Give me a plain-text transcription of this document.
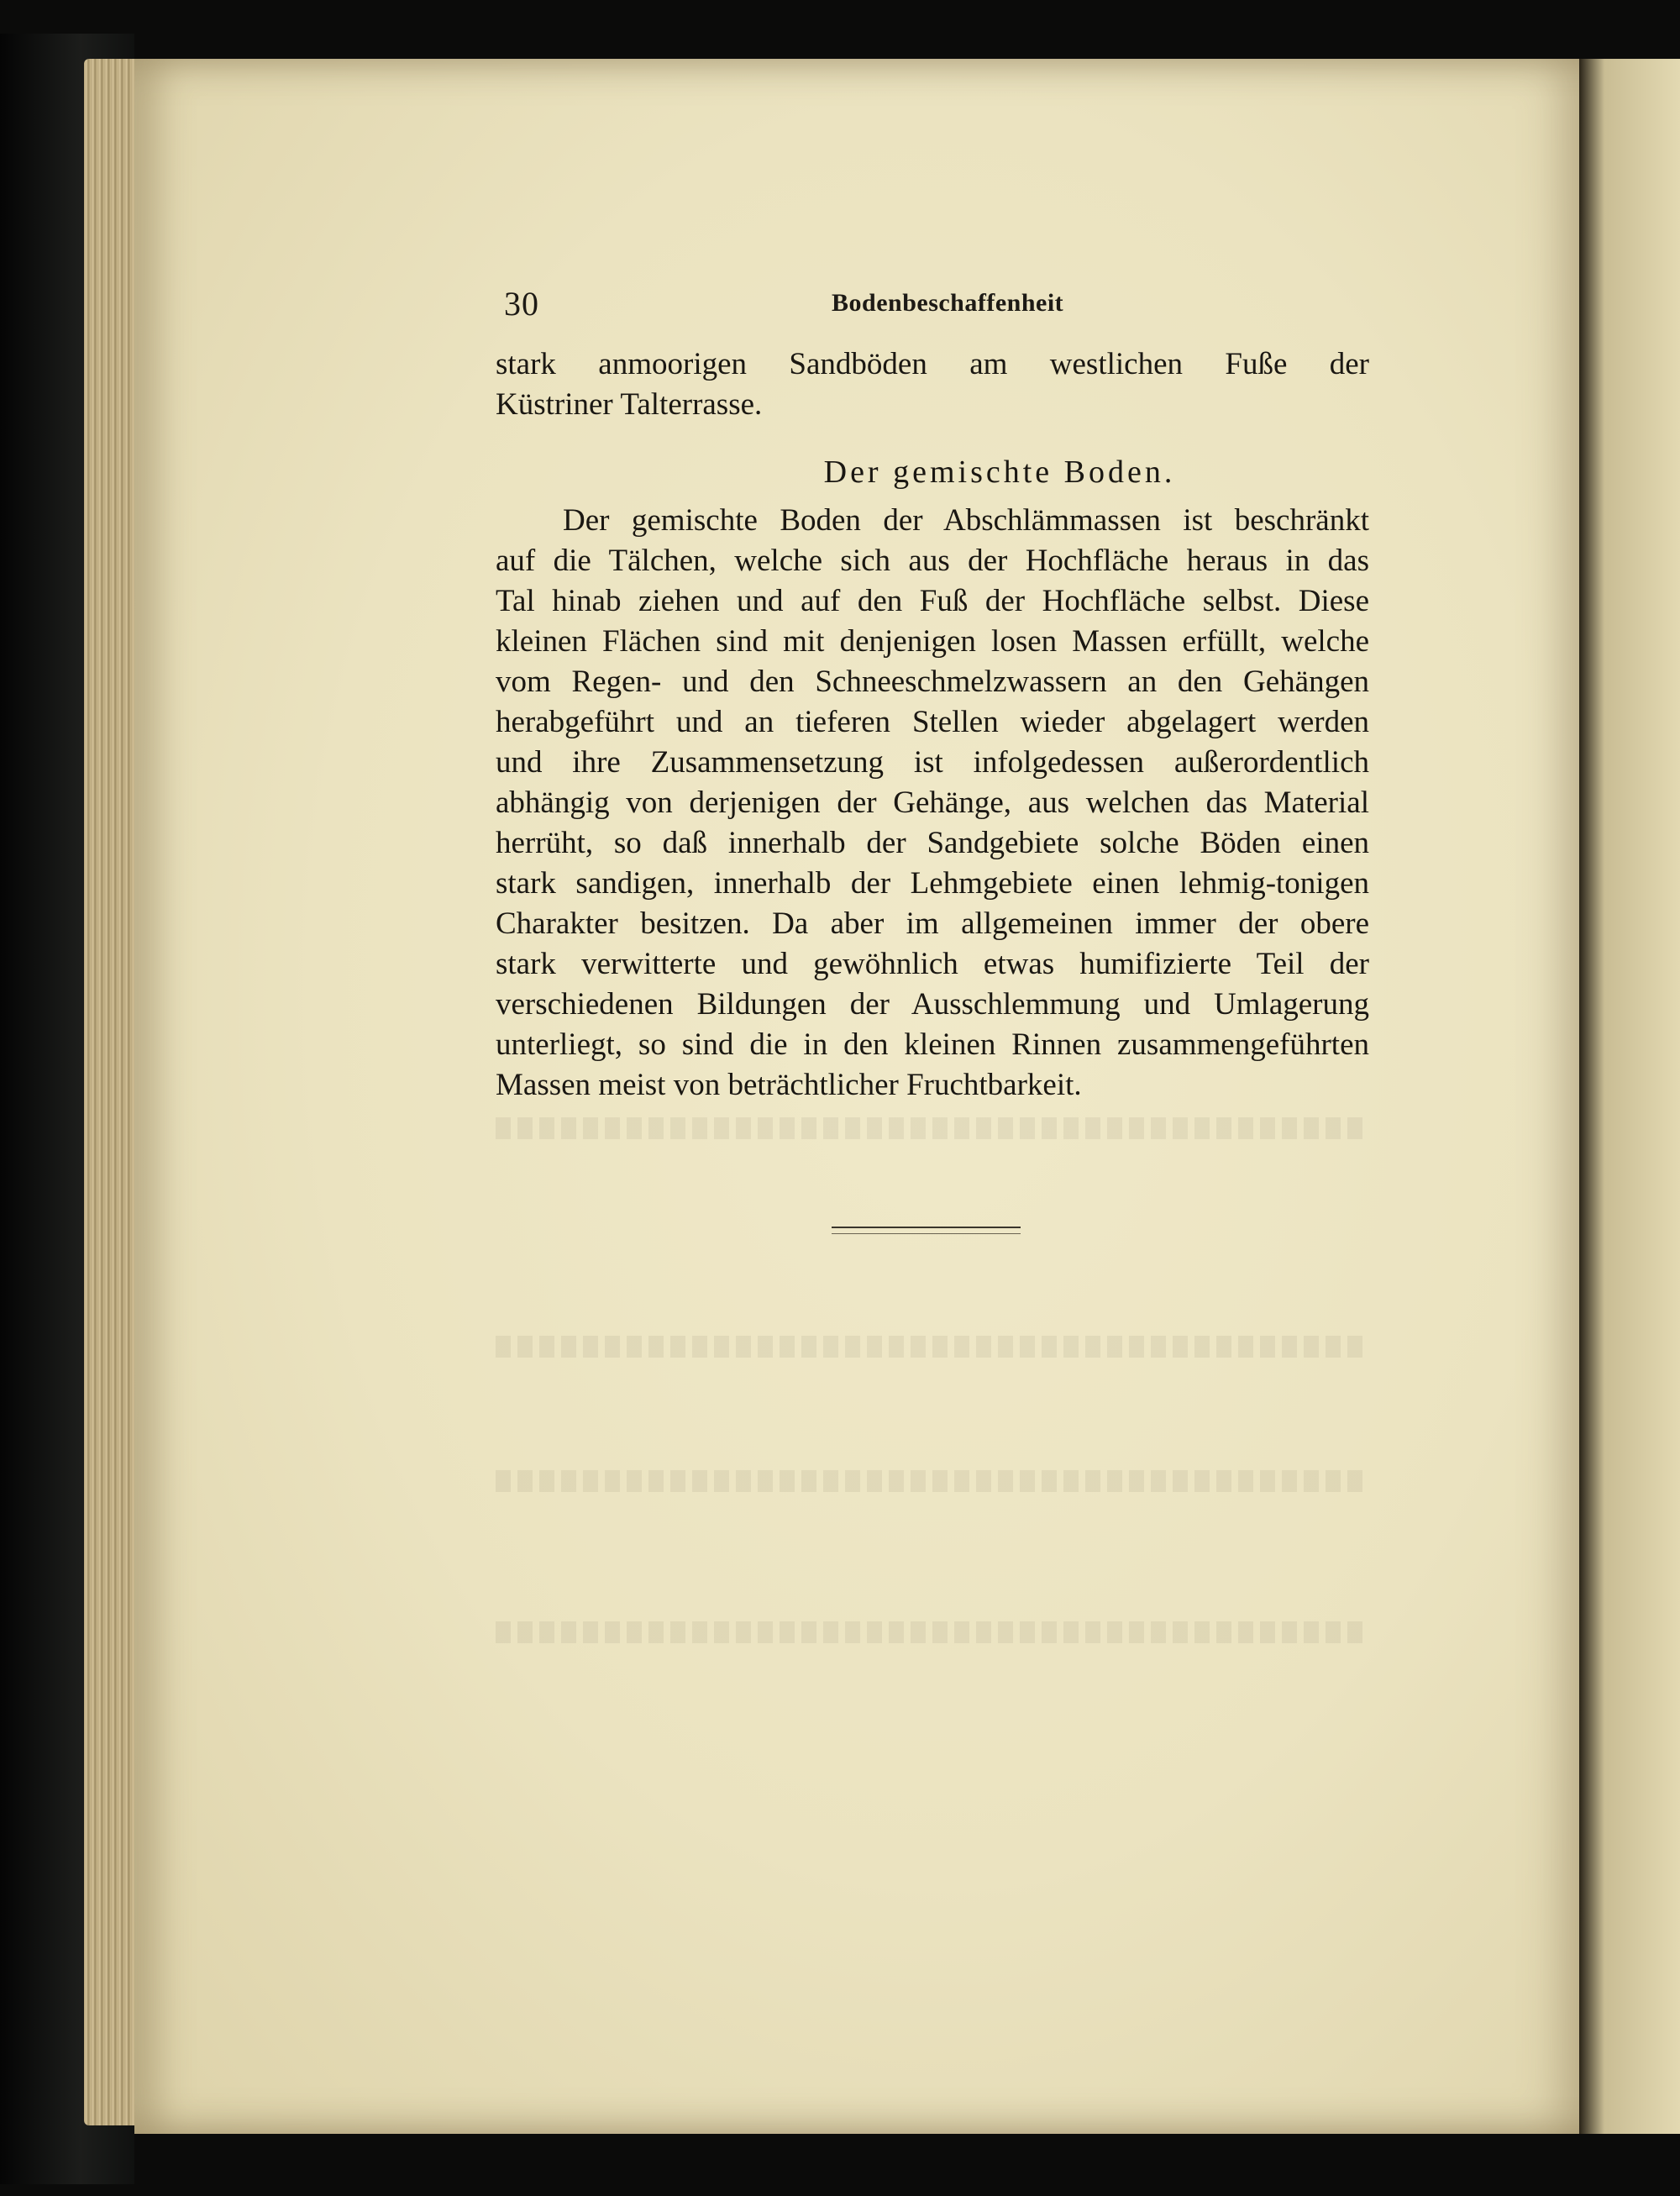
30	Bodenbeschaffenheit
stark anmoorigen Sandböden am westlichen Fuße der
Küstriner Talterrasse.
Der gemischte Boden.
Der gemischte Boden der Abschlämmassen ist beschränkt
auf die Tälchen, welche sich aus der Hochfläche heraus in das
Tal hinab ziehen und auf den Fuß der Hochfläche selbst. Diese
kleinen Flächen sind mit denjenigen losen Massen erfüllt, welche
vom Regen- und den Schneeschmelzwassern an den Gehängen
herabgeführt und an tieferen Stellen wieder abgelagert werden
und ihre Zusammensetzung ist infolgedessen außerordentlich
abhängig von derjenigen der Gehänge, aus welchen das Material
herrüht, so daß innerhalb der Sandgebiete solche Böden einen
stark sandigen, innerhalb der Lehmgebiete einen lehmig-tonigen
Charakter besitzen. Da aber im allgemeinen immer der obere
stark verwitterte und gewöhnlich etwas humifizierte Teil der
verschiedenen Bildungen der Ausschlemmung und Umlagerung
unterliegt, so sind die in den kleinen Rinnen zusammengeführten
Massen meist von beträchtlicher Fruchtbarkeit.
